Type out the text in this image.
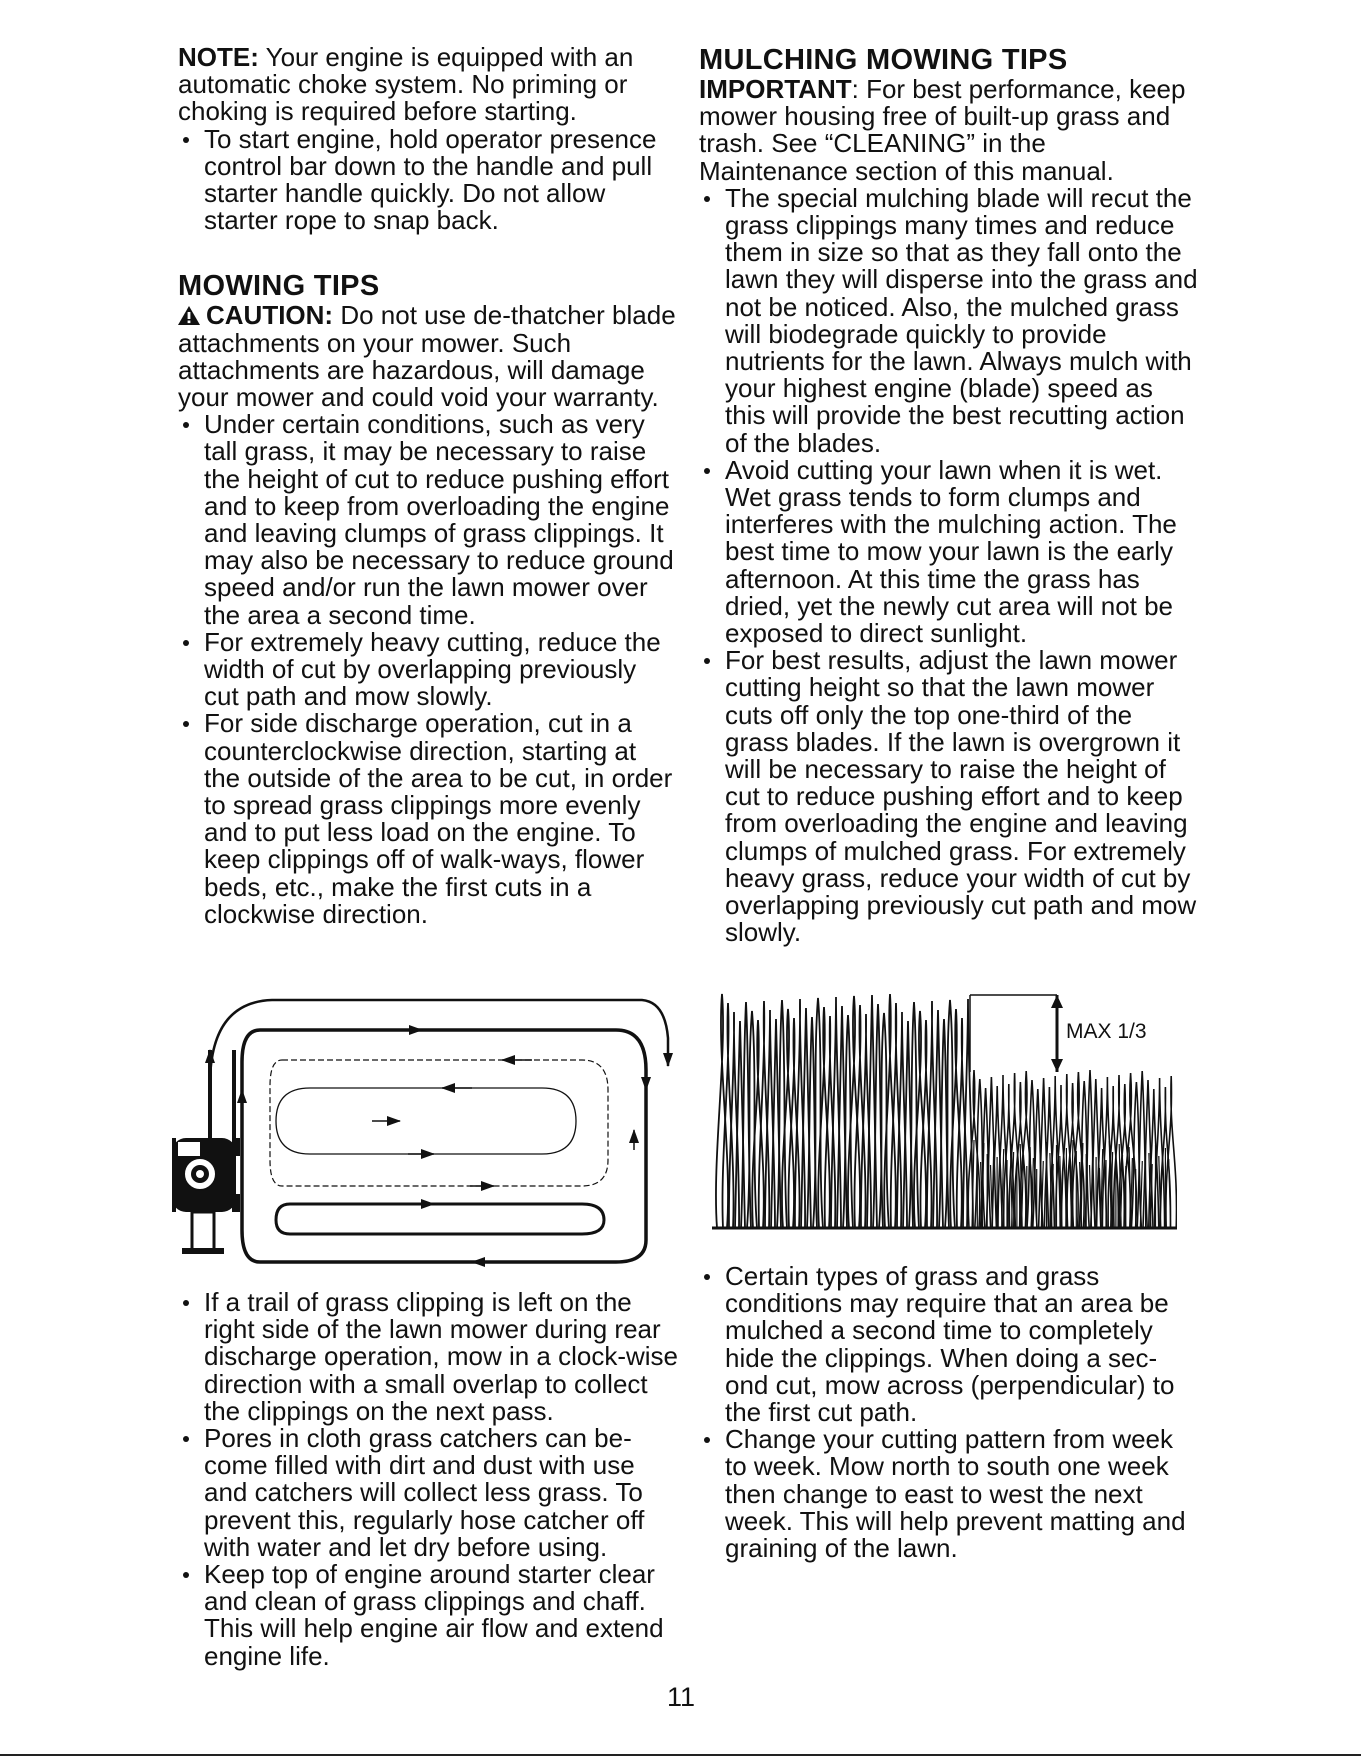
NOTE: Your engine is equipped with an automatic choke system. No priming or choking is required before starting.

To start engine, hold operator presence control bar down to the handle and pull starter handle quickly. Do not allow starter rope to snap back.
MOWING TIPS

CAUTION: Do not use de-thatcher blade attachments on your mower. Such attachments are hazardous, will damage your mower and could void your warranty.

Under certain conditions, such as very tall grass, it may be necessary to raise the height of cut to reduce pushing effort and to keep from overloading the engine and leaving clumps of grass clippings. It may also be necessary to reduce ground speed and/or run the lawn mower over the area a second time.
For extremely heavy cutting, reduce the width of cut by overlapping previously cut path and mow slowly.
For side discharge operation, cut in a counterclockwise direction, starting at the outside of the area to be cut, in order to spread grass clippings more evenly and to put less load on the engine. To keep clippings off of walk-ways, flower beds, etc., make the first cuts in a clockwise direction.
If a trail of grass clipping is left on the right side of the lawn mower during rear discharge operation, mow in a clock-wise direction with a small overlap to collect the clippings on the next pass.
Pores in cloth grass catchers can be-come filled with dirt and dust with use and catchers will collect less grass. To prevent this, regularly hose catcher off with water and let dry before using.
Keep top of engine around starter clear and clean of grass clippings and chaff. This will help engine air flow and extend engine life.
MULCHING MOWING TIPS

IMPORTANT: For best performance, keep mower housing free of built-up grass and trash. See “CLEANING” in the Maintenance section of this manual.

The special mulching blade will recut the grass clippings many times and reduce them in size so that as they fall onto the lawn they will disperse into the grass and not be noticed. Also, the mulched grass will biodegrade quickly to provide nutrients for the lawn. Always mulch with your highest engine (blade) speed as this will provide the best recutting action of the blades.
Avoid cutting your lawn when it is wet. Wet grass tends to form clumps and interferes with the mulching action. The best time to mow your lawn is the early afternoon. At this time the grass has dried, yet the newly cut area will not be exposed to direct sunlight.
For best results, adjust the lawn mower cutting height so that the lawn mower cuts off only the top one-third of the grass blades. If the lawn is overgrown it will be necessary to raise the height of cut to reduce pushing effort and to keep from overloading the engine and leaving clumps of mulched grass. For extremely heavy grass, reduce your width of cut by overlapping previously cut path and mow slowly.
MAX 1/3
Certain types of grass and grass conditions may require that an area be mulched a second time to completely hide the clippings. When doing a sec-ond cut, mow across (perpendicular) to the first cut path.
Change your cutting pattern from week to week. Mow north to south one week then change to east to west the next week. This will help prevent matting and graining of the lawn.
11
